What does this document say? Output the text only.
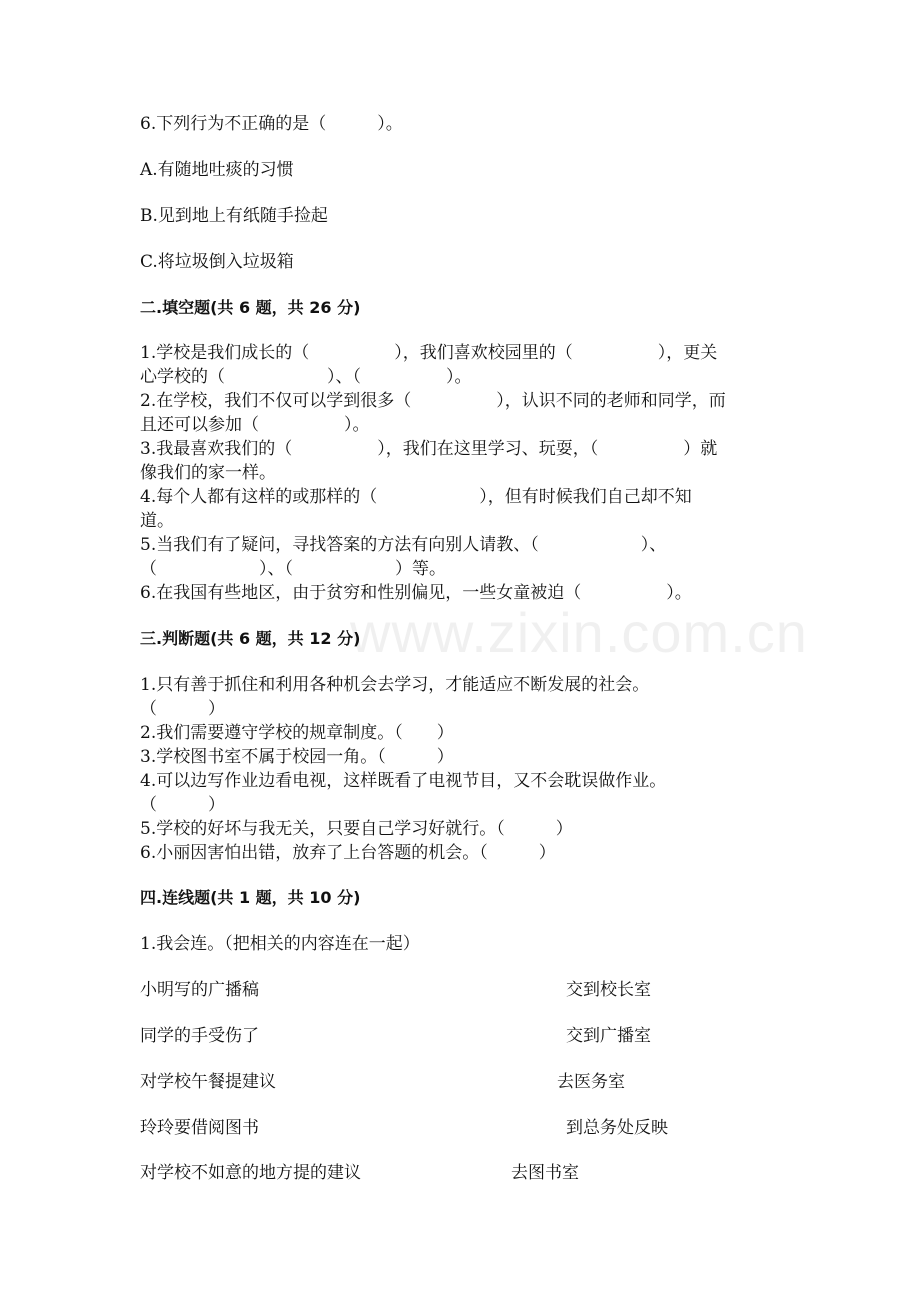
www.zixin.com.cn
6.下列行为不正确的是（　　　）。
A.有随地吐痰的习惯
B.见到地上有纸随手捡起
C.将垃圾倒入垃圾箱
二.填空题(共 6 题，共 26 分)
1.学校是我们成长的（　　　　　），我们喜欢校园里的（　　　　　），更关
心学校的（　　　　　　）、（　　　　　）。
2.在学校，我们不仅可以学到很多（　　　　　），认识不同的老师和同学，而
且还可以参加（　　　　　）。
3.我最喜欢我们的（　　　　　），我们在这里学习、玩耍，（　　　　　）就
像我们的家一样。
4.每个人都有这样的或那样的（　　　　　　），但有时候我们自己却不知
道。
5.当我们有了疑问，寻找答案的方法有向别人请教、（　　　　　　）、
（　　　　　　）、（　　　　　　）等。
6.在我国有些地区，由于贫穷和性别偏见，一些女童被迫（　　　　　）。
三.判断题(共 6 题，共 12 分)
1.只有善于抓住和利用各种机会去学习，才能适应不断发展的社会。
（　　　）
2.我们需要遵守学校的规章制度。（　　）
3.学校图书室不属于校园一角。（　　　）
4.可以边写作业边看电视，这样既看了电视节目，又不会耽误做作业。
（　　　）
5.学校的好坏与我无关，只要自己学习好就行。（　　　）
6.小丽因害怕出错，放弃了上台答题的机会。（　　　）
四.连线题(共 1 题，共 10 分)
1.我会连。（把相关的内容连在一起）
小明写的广播稿	交到校长室
同学的手受伤了	交到广播室
对学校午餐提建议	去医务室
玲玲要借阅图书	到总务处反映
对学校不如意的地方提的建议	去图书室
